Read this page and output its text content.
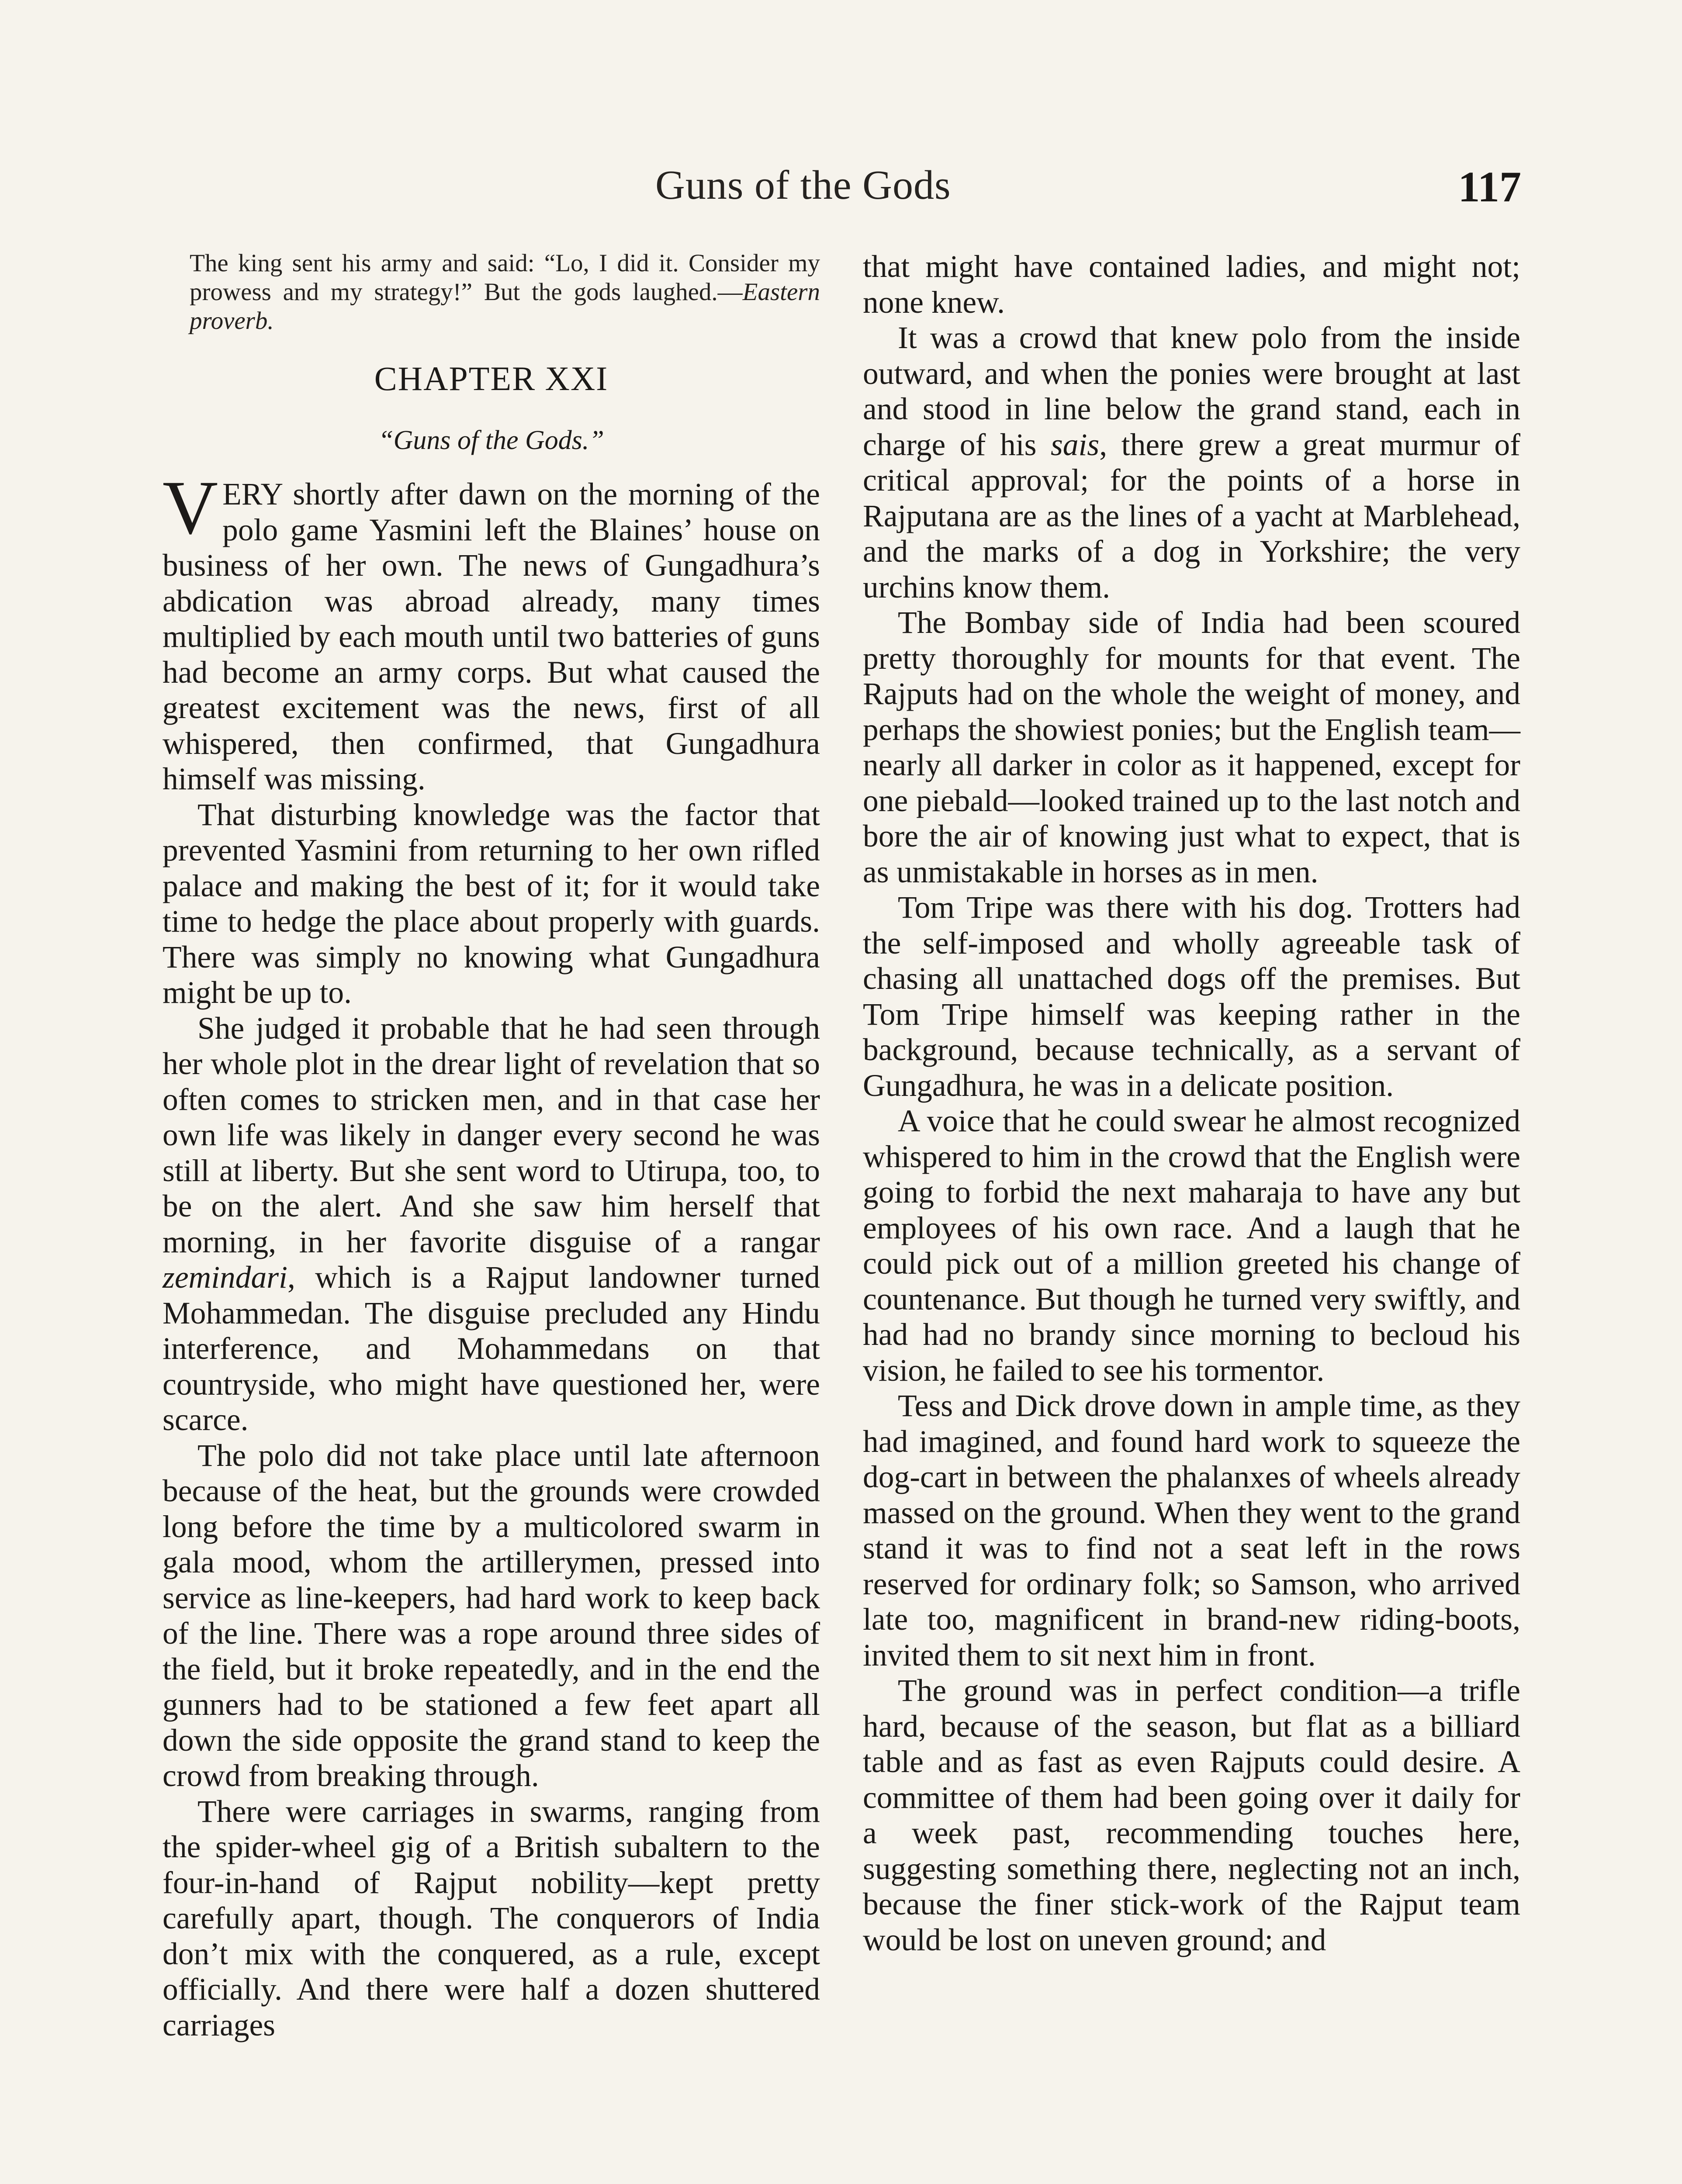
Guns of the Gods	117
The king sent his army and said: “Lo, I did it. Consider my prowess and my strategy!” But the gods laughed.—Eastern proverb.
CHAPTER XXI
“Guns of the Gods.”

VERY shortly after dawn on the morning of the polo game Yasmini left the Blaines’ house on business of her own. The news of Gungadhura’s abdication was abroad already, many times multiplied by each mouth until two batteries of guns had become an army corps. But what caused the greatest excitement was the news, first of all whispered, then confirmed, that Gungadhura himself was missing.

That disturbing knowledge was the factor that prevented Yasmini from returning to her own rifled palace and making the best of it; for it would take time to hedge the place about properly with guards. There was simply no knowing what Gungadhura might be up to.

She judged it probable that he had seen through her whole plot in the drear light of revelation that so often comes to stricken men, and in that case her own life was likely in danger every second he was still at liberty. But she sent word to Utirupa, too, to be on the alert. And she saw him herself that morning, in her favorite disguise of a rangar zemindari, which is a Rajput landowner turned Mohammedan. The disguise precluded any Hindu interference, and Mohammedans on that countryside, who might have questioned her, were scarce.

The polo did not take place until late afternoon because of the heat, but the grounds were crowded long before the time by a multicolored swarm in gala mood, whom the artillerymen, pressed into service as line-keepers, had hard work to keep back of the line. There was a rope around three sides of the field, but it broke repeatedly, and in the end the gunners had to be stationed a few feet apart all down the side opposite the grand stand to keep the crowd from breaking through.

There were carriages in swarms, ranging from the spider-wheel gig of a British subaltern to the four-in-hand of Rajput nobility—kept pretty carefully apart, though. The conquerors of India don’t mix with the conquered, as a rule, except officially. And there were half a dozen shuttered carriages

that might have contained ladies, and might not; none knew.

It was a crowd that knew polo from the inside outward, and when the ponies were brought at last and stood in line below the grand stand, each in charge of his sais, there grew a great murmur of critical approval; for the points of a horse in Rajputana are as the lines of a yacht at Marblehead, and the marks of a dog in Yorkshire; the very urchins know them.

The Bombay side of India had been scoured pretty thoroughly for mounts for that event. The Rajputs had on the whole the weight of money, and perhaps the showiest ponies; but the English team—nearly all darker in color as it happened, except for one piebald—looked trained up to the last notch and bore the air of knowing just what to expect, that is as unmistakable in horses as in men.

Tom Tripe was there with his dog. Trotters had the self-imposed and wholly agreeable task of chasing all unattached dogs off the premises. But Tom Tripe himself was keeping rather in the background, because technically, as a servant of Gungadhura, he was in a delicate position.

A voice that he could swear he almost recognized whispered to him in the crowd that the English were going to forbid the next maharaja to have any but employees of his own race. And a laugh that he could pick out of a million greeted his change of countenance. But though he turned very swiftly, and had had no brandy since morning to becloud his vision, he failed to see his tormentor.

Tess and Dick drove down in ample time, as they had imagined, and found hard work to squeeze the dog-cart in between the phalanxes of wheels already massed on the ground. When they went to the grand stand it was to find not a seat left in the rows reserved for ordinary folk; so Samson, who arrived late too, magnificent in brand-new riding-boots, invited them to sit next him in front.

The ground was in perfect condition—a trifle hard, because of the season, but flat as a billiard table and as fast as even Rajputs could desire. A committee of them had been going over it daily for a week past, recommending touches here, suggesting something there, neglecting not an inch, because the finer stick-work of the Rajput team would be lost on uneven ground; and
